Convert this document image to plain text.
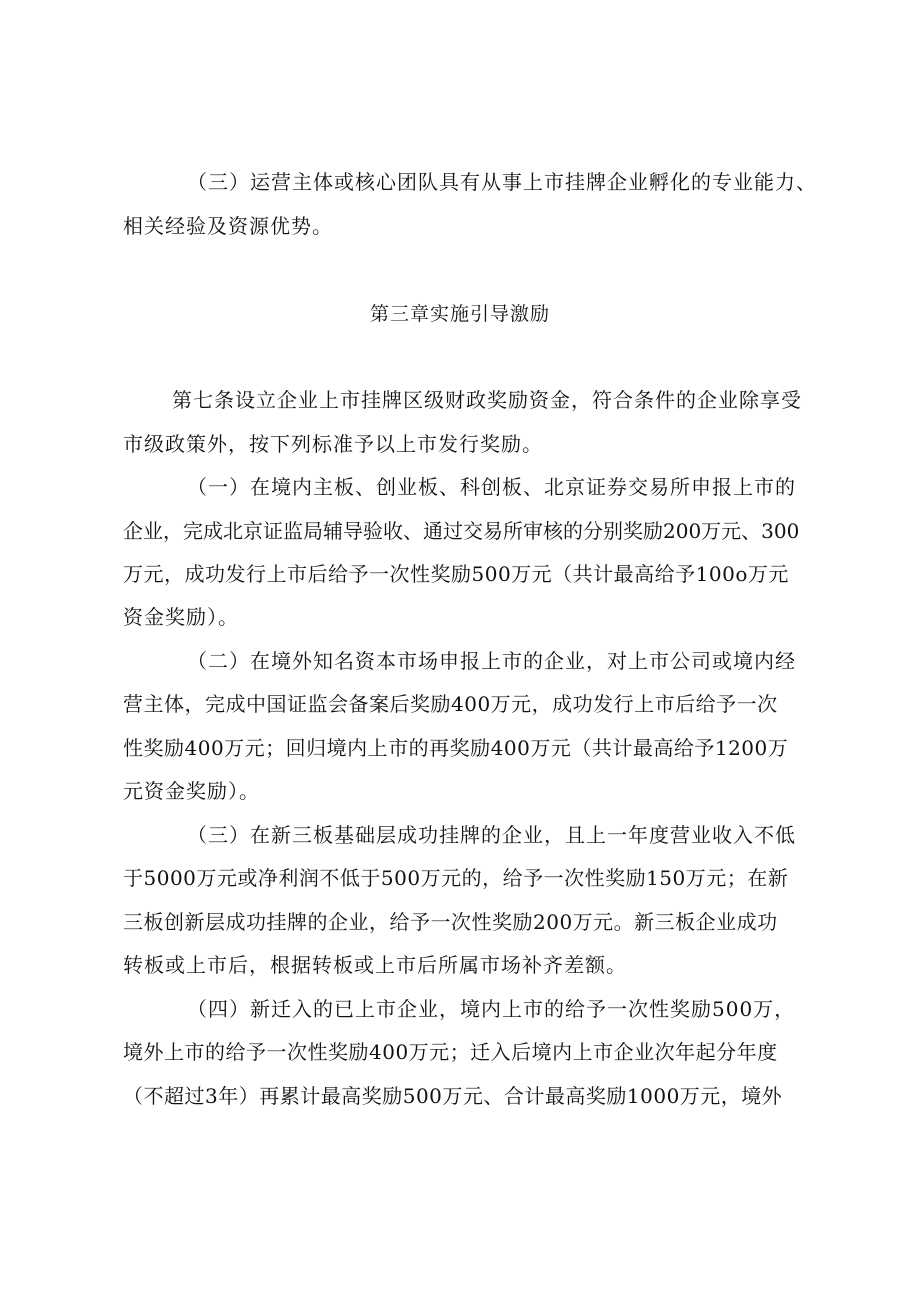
（三）运营主体或核心团队具有从事上市挂牌企业孵化的专业能力、
相关经验及资源优势。
第三章实施引导激励
第七条设立企业上市挂牌区级财政奖励资金，符合条件的企业除享受
市级政策外，按下列标准予以上市发行奖励。
（一）在境内主板、创业板、科创板、北京证券交易所申报上市的
企业，完成北京证监局辅导验收、通过交易所审核的分别奖励200万元、300
万元，成功发行上市后给予一次性奖励500万元（共计最高给予100o万元
资金奖励）。
（二）在境外知名资本市场申报上市的企业，对上市公司或境内经
营主体，完成中国证监会备案后奖励400万元，成功发行上市后给予一次
性奖励400万元；回归境内上市的再奖励400万元（共计最高给予1200万
元资金奖励）。
（三）在新三板基础层成功挂牌的企业，且上一年度营业收入不低
于5000万元或净利润不低于500万元的，给予一次性奖励150万元；在新
三板创新层成功挂牌的企业，给予一次性奖励200万元。新三板企业成功
转板或上市后，根据转板或上市后所属市场补齐差额。
（四）新迁入的已上市企业，境内上市的给予一次性奖励500万，
境外上市的给予一次性奖励400万元；迁入后境内上市企业次年起分年度
（不超过3年）再累计最高奖励500万元、合计最高奖励1000万元，境外
